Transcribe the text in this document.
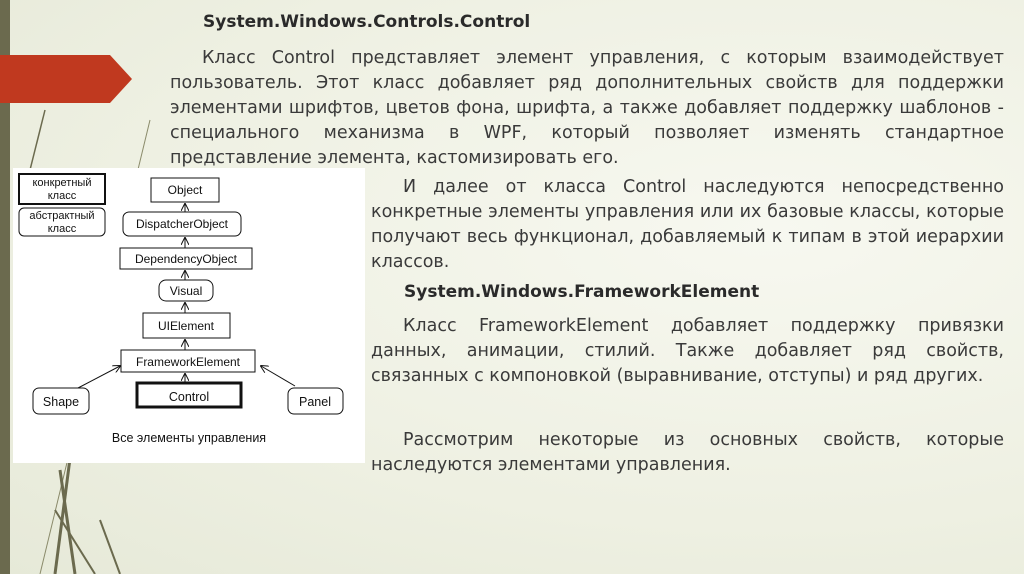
System.Windows.Controls.Control

Класс Control представляет элемент управления, с которым взаимодействует пользователь. Этот класс добавляет ряд дополнительных свойств для поддержки элементами шрифтов, цветов фона, шрифта, а также добавляет поддержку шаблонов - специального механизма в WPF, который позволяет изменять стандартное представление элемента, кастомизировать его.

конкретный
класс
абстрактный
класс
Object
DispatcherObject
DependencyObject
Visual
UIElement
FrameworkElement
Shape	Control	Panel
Все элементы управления

И далее от класса Control наследуются непосредственно конкретные элементы управления или их базовые классы, которые получают весь функционал, добавляемый к типам в этой иерархии классов.

System.Windows.FrameworkElement

Класс FrameworkElement добавляет поддержку привязки данных, анимации, стилий. Также добавляет ряд свойств, связанных с компоновкой (выравнивание, отступы) и ряд других.

Рассмотрим некоторые из основных свойств, которые наследуются элементами управления.
